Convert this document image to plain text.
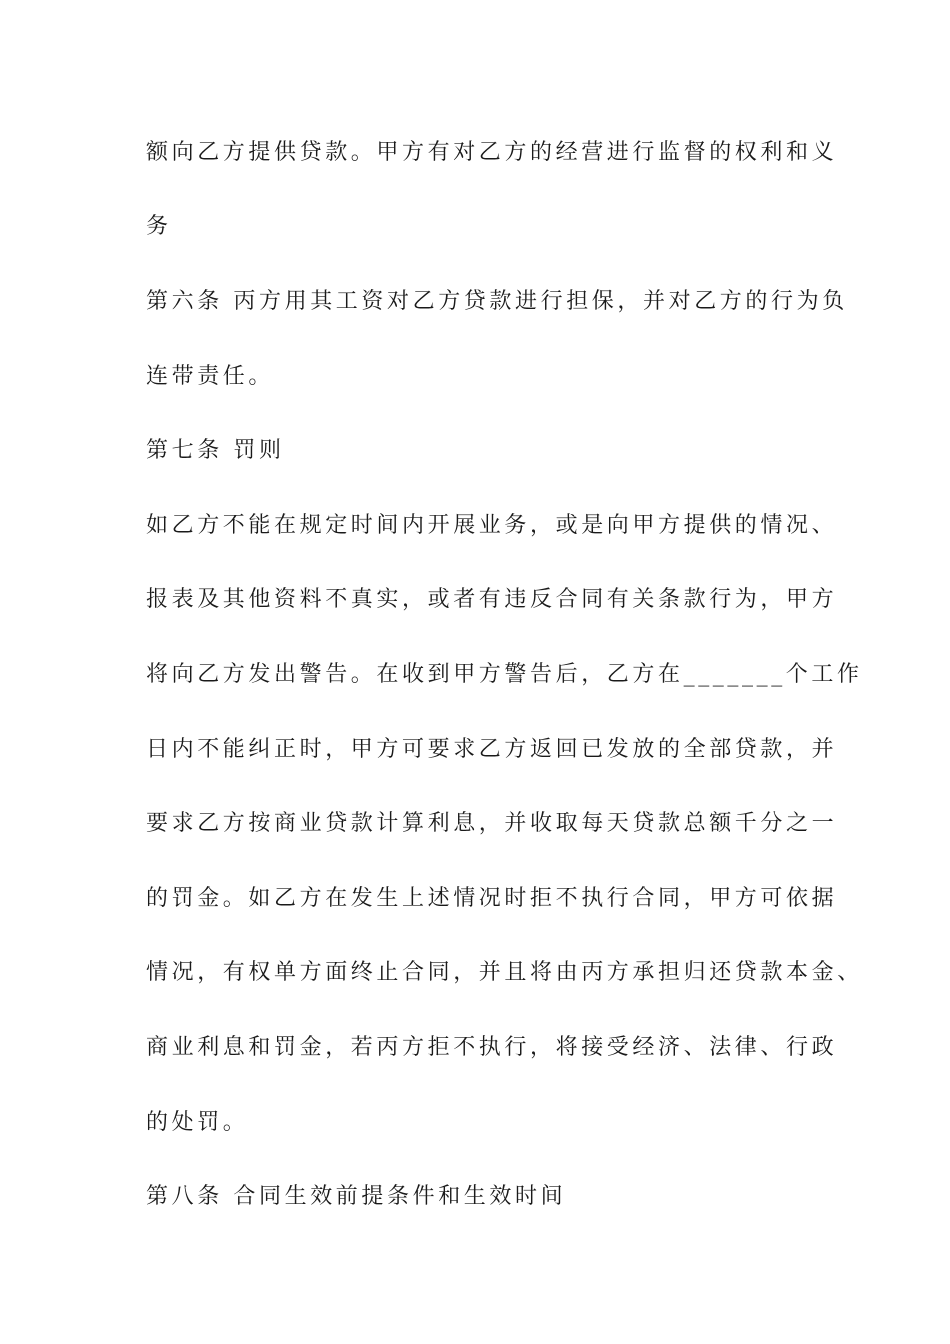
额向乙方提供贷款。甲方有对乙方的经营进行监督的权利和义
务
第六条 丙方用其工资对乙方贷款进行担保，并对乙方的行为负
连带责任。
第七条 罚则
如乙方不能在规定时间内开展业务，或是向甲方提供的情况、
报表及其他资料不真实，或者有违反合同有关条款行为，甲方
将向乙方发出警告。在收到甲方警告后，乙方在_______个工作
日内不能纠正时，甲方可要求乙方返回已发放的全部贷款，并
要求乙方按商业贷款计算利息，并收取每天贷款总额千分之一
的罚金。如乙方在发生上述情况时拒不执行合同，甲方可依据
情况，有权单方面终止合同，并且将由丙方承担归还贷款本金、
商业利息和罚金，若丙方拒不执行，将接受经济、法律、行政
的处罚。
第八条 合同生效前提条件和生效时间
